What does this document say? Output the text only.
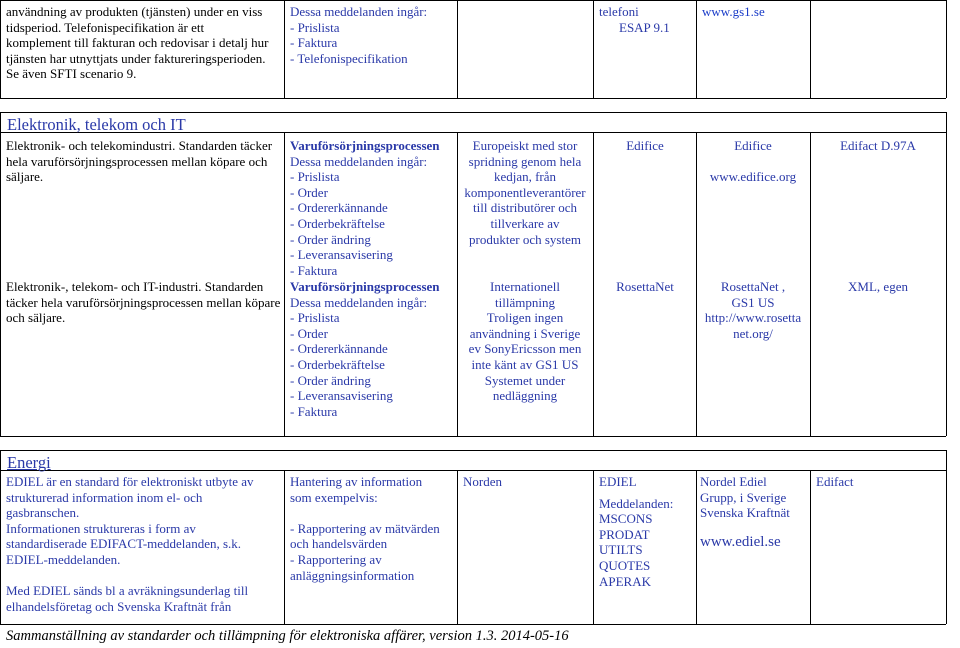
användning av produkten (tjänsten) under en viss
tidsperiod. Telefonispecifikation är ett
komplement till fakturan och redovisar i detalj hur
tjänsten har utnyttjats under faktureringsperioden.
Se även SFTI scenario 9.
Dessa meddelanden ingår:
- Prislista
- Faktura
- Telefonispecifikation
telefoni
ESAP 9.1
www.gs1.se
Elektronik, telekom och IT
Elektronik- och telekomindustri. Standarden täcker hela varuförsörjningsprocessen mellan köpare och säljare.
Elektronik-, telekom- och IT-industri. Standarden täcker hela varuförsörjningsprocessen mellan köpare och säljare.
Varuförsörjningsprocessen
Dessa meddelanden ingår:
- Prislista
- Order
- Ordererkännande
- Orderbekräftelse
- Order ändring
- Leveransavisering
- Faktura
Varuförsörjningsprocessen
Dessa meddelanden ingår:
- Prislista
- Order
- Ordererkännande
- Orderbekräftelse
- Order ändring
- Leveransavisering
- Faktura
Europeiskt med stor
spridning genom hela
kedjan, från
komponentleverantörer
till distributörer och
tillverkare av
produkter och system
Internationell
tillämpning
Troligen ingen
användning i Sverige
ev SonyEricsson men
inte känt av GS1 US
Systemet under
nedläggning
Edifice
RosettaNet
Edifice
www.edifice.org
RosettaNet ,
GS1 US
http://www.rosetta
net.org/
Edifact D.97A
XML, egen
Energi
EDIEL är en standard för elektroniskt utbyte av
strukturerad information inom el- och
gasbranschen.
Informationen struktureras i form av
standardiserade EDIFACT-meddelanden, s.k.
EDIEL-meddelanden.
Med EDIEL sänds bl a avräkningsunderlag till
elhandelsföretag och Svenska Kraftnät från
Hantering av information
som exempelvis:
- Rapportering av mätvärden
och handelsvärden
- Rapportering av
anläggningsinformation
Norden	EDIEL
Meddelanden:
MSCONS
PRODAT
UTILTS
QUOTES
APERAK
Nordel Ediel
Grupp, i Sverige
Svenska Kraftnät
www.ediel.se
Edifact
Sammanställning av standarder och tillämpning för elektroniska affärer, version 1.3. 2014-05-16
